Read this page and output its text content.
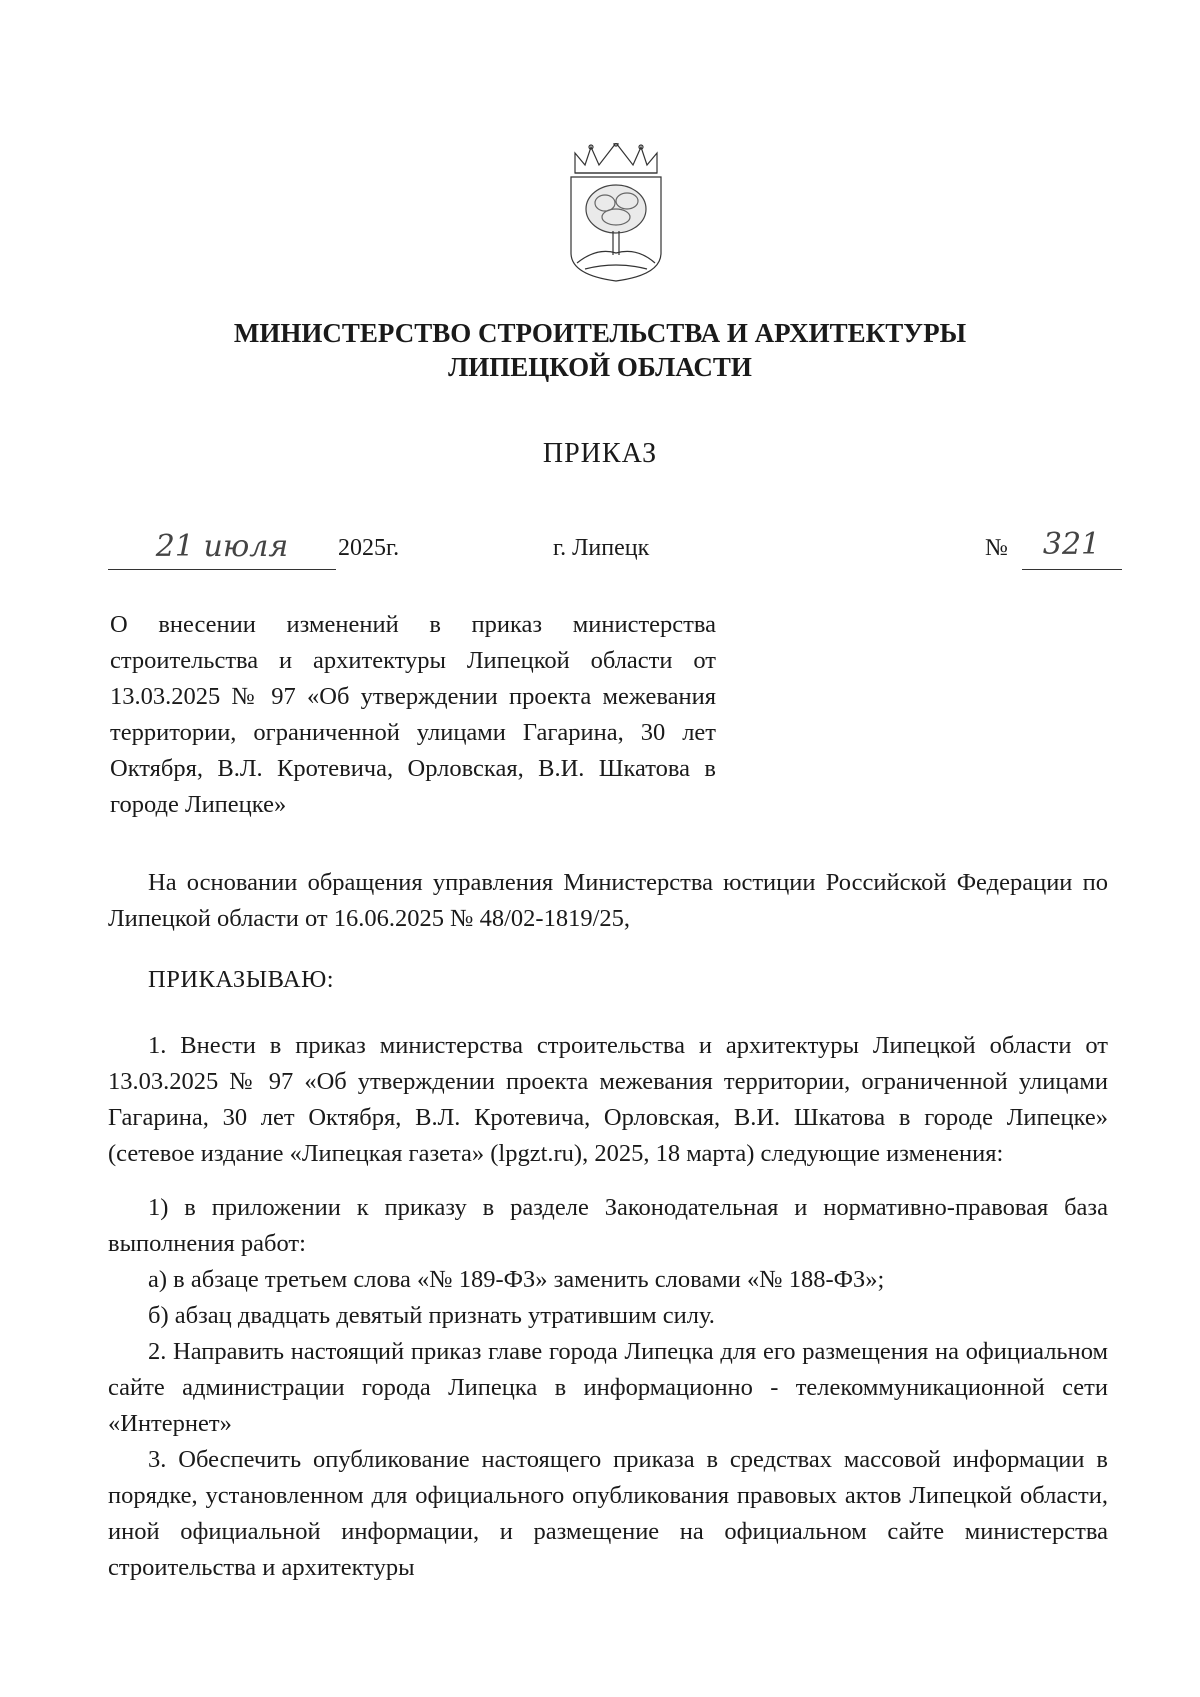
МИНИСТЕРСТВО СТРОИТЕЛЬСТВА И АРХИТЕКТУРЫ
ЛИПЕЦКОЙ ОБЛАСТИ
ПРИКАЗ
21 июля	2025г.	г. Липецк	№	321
О внесении изменений в приказ министерства строительства и архитектуры Липецкой области от 13.03.2025 № 97 «Об утверждении проекта межевания территории, ограниченной улицами Гагарина, 30 лет Октября, В.Л. Кротевича, Орловская, В.И. Шкатова в городе Липецке»
На основании обращения управления Министерства юстиции Российской Федерации по Липецкой области от 16.06.2025 № 48/02-1819/25,
ПРИКАЗЫВАЮ:
1. Внести в приказ министерства строительства и архитектуры Липецкой области от 13.03.2025 № 97 «Об утверждении проекта межевания территории, ограниченной улицами Гагарина, 30 лет Октября, В.Л. Кротевича, Орловская, В.И. Шкатова в городе Липецке» (сетевое издание «Липецкая газета» (lpgzt.ru), 2025, 18 марта) следующие изменения:
1) в приложении к приказу в разделе Законодательная и нормативно-правовая база выполнения работ:
а) в абзаце третьем слова «№ 189-ФЗ» заменить словами «№ 188-ФЗ»;
б) абзац двадцать девятый признать утратившим силу.
2. Направить настоящий приказ главе города Липецка для его размещения на официальном сайте администрации города Липецка в информационно - телекоммуникационной сети «Интернет»
3. Обеспечить опубликование настоящего приказа в средствах массовой информации в порядке, установленном для официального опубликования правовых актов Липецкой области, иной официальной информации, и размещение на официальном сайте министерства строительства и архитектуры
